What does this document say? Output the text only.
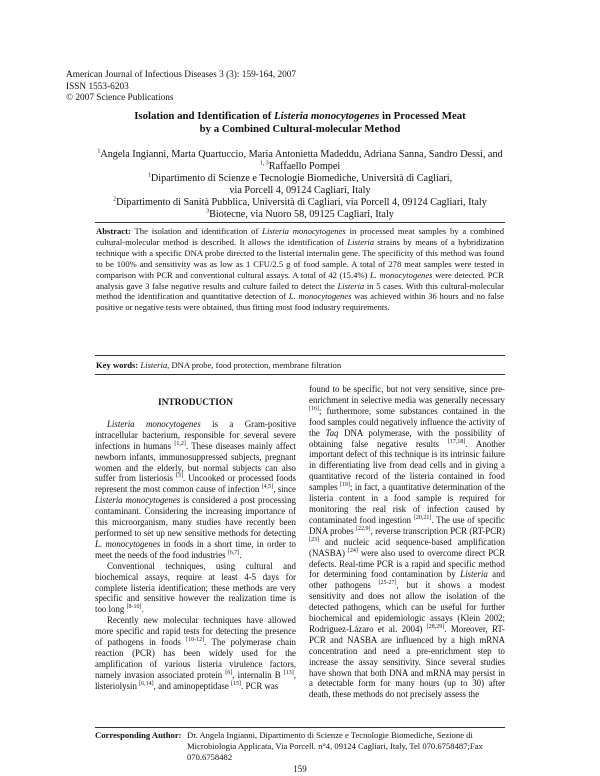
American Journal of Infectious Diseases 3 (3): 159-164, 2007
ISSN 1553-6203
© 2007 Science Publications
Isolation and Identification of Listeria monocytogenes in Processed Meat
by a Combined Cultural-molecular Method
$^1$Angela Ingianni, Marta Quartuccio, Maria Antonietta Madeddu, Adriana Sanna, Sandro Dessi, and
$^{1, 3}$Raffaello Pompei
$^1$Dipartimento di Scienze e Tecnologie Biomediche, Università di Cagliari,
via Porcell 4, 09124 Cagliari, Italy
$^2$Dipartimento di Sanità Pubblica, Università di Cagliari, via Porcell 4, 09124 Cagliari, Italy
$^3$Biotecne, via Nuoro 58, 09125 Cagliari, Italy
Abstract: The isolation and identification of Listeria monocytogenes in processed meat samples by a combined cultural-molecular method is described. It allows the identification of Listeria strains by means of a hybridization technique with a specific DNA probe directed to the listerial internalin gene. The specificity of this method was found to be 100% and sensitivity was as low as 1 CFU/2.5 g of food sample. A total of 278 meat samples were tested in comparison with PCR and conventional cultural assays. A total of 42 (15.4%) L. monocytogenes were detected. PCR analysis gave 3 false negative results and culture failed to detect the Listeria in 5 cases. With this cultural-molecular method the identification and quantitative detection of L. monocytogenes was achieved within 36 hours and no false positive or negative tests were obtained, thus fitting most food industry requirements.
Key words: Listeria, DNA probe, food protection, membrane filtration

INTRODUCTION

Listeria monocytogenes is a Gram-positive intracellular bacterium, responsible for several severe infections in humans [1,2]. These diseases mainly affect newborn infants, immunosuppressed subjects, pregnant women and the elderly, but normal subjects can also suffer from listeriosis [3]. Uncooked or processed foods represent the most common cause of infection [4,5], since Listeria monocytogenes is considered a post processing contaminant. Considering the increasing importance of this microorganism, many studies have recently been performed to set up new sensitive methods for detecting L. monocytogenes in foods in a short time, in order to meet the needs of the food industries [6,7].

Conventional techniques, using cultural and biochemical assays, require at least 4-5 days for complete listeria identification; these methods are very specific and sensitive however the realization time is too long [8-10].

Recently new molecular techniques have allowed more specific and rapid tests for detecting the presence of pathogens in foods [10-12]. The polymerase chain reaction (PCR) has been widely used for the amplification of various listeria virulence factors, namely invasion associated protein [6], internalin B [13], listeriolysin [6,14], and aminopeptidase [15]. PCR was

found to be specific, but not very sensitive, since pre-enrichment in selective media was generally necessary [16]; furthermore, some substances contained in the food samples could negatively influence the activity of the Taq DNA polymerase, with the possibility of obtaining false negative results [17,18]. Another important defect of this technique is its intrinsic failure in differentiating live from dead cells and in giving a quantitative record of the listeria contained in food samples [19]; in fact, a quantitative determination of the listeria content in a food sample is required for monitoring the real risk of infection caused by contaminated food ingestion [20,21]. The use of specific DNA probes [22,9], reverse transcription PCR (RT-PCR) [23] and nucleic acid sequence-based amplification (NASBA) [24] were also used to overcome direct PCR defects. Real-time PCR is a rapid and specific method for determining food contamination by Listeria and other pathogens [25-27], but it shows a modest sensitivity and does not allow the isolation of the detected pathogens, which can be useful for further biochemical and epidemiologic assays (Klein 2002; Rodriguez-Lázaro et al. 2004) [28,29]. Moreover, RT-PCR and NASBA are influenced by a high mRNA concentration and need a pre-enrichment step to increase the assay sensitivity. Since several studies have shown that both DNA and mRNA may persist in a detectable form for many hours (up to 30) after death, these methods do not precisely assess the

Corresponding Author: Dr. Angela Ingianni, Dipartimento di Scienze e Tecnologie Biomediche, Sezione di Microbiologia Applicata, Via Porcell. n°4, 09124 Cagliari, Italy, Tel 070.6758487;Fax 070.6758482
159
